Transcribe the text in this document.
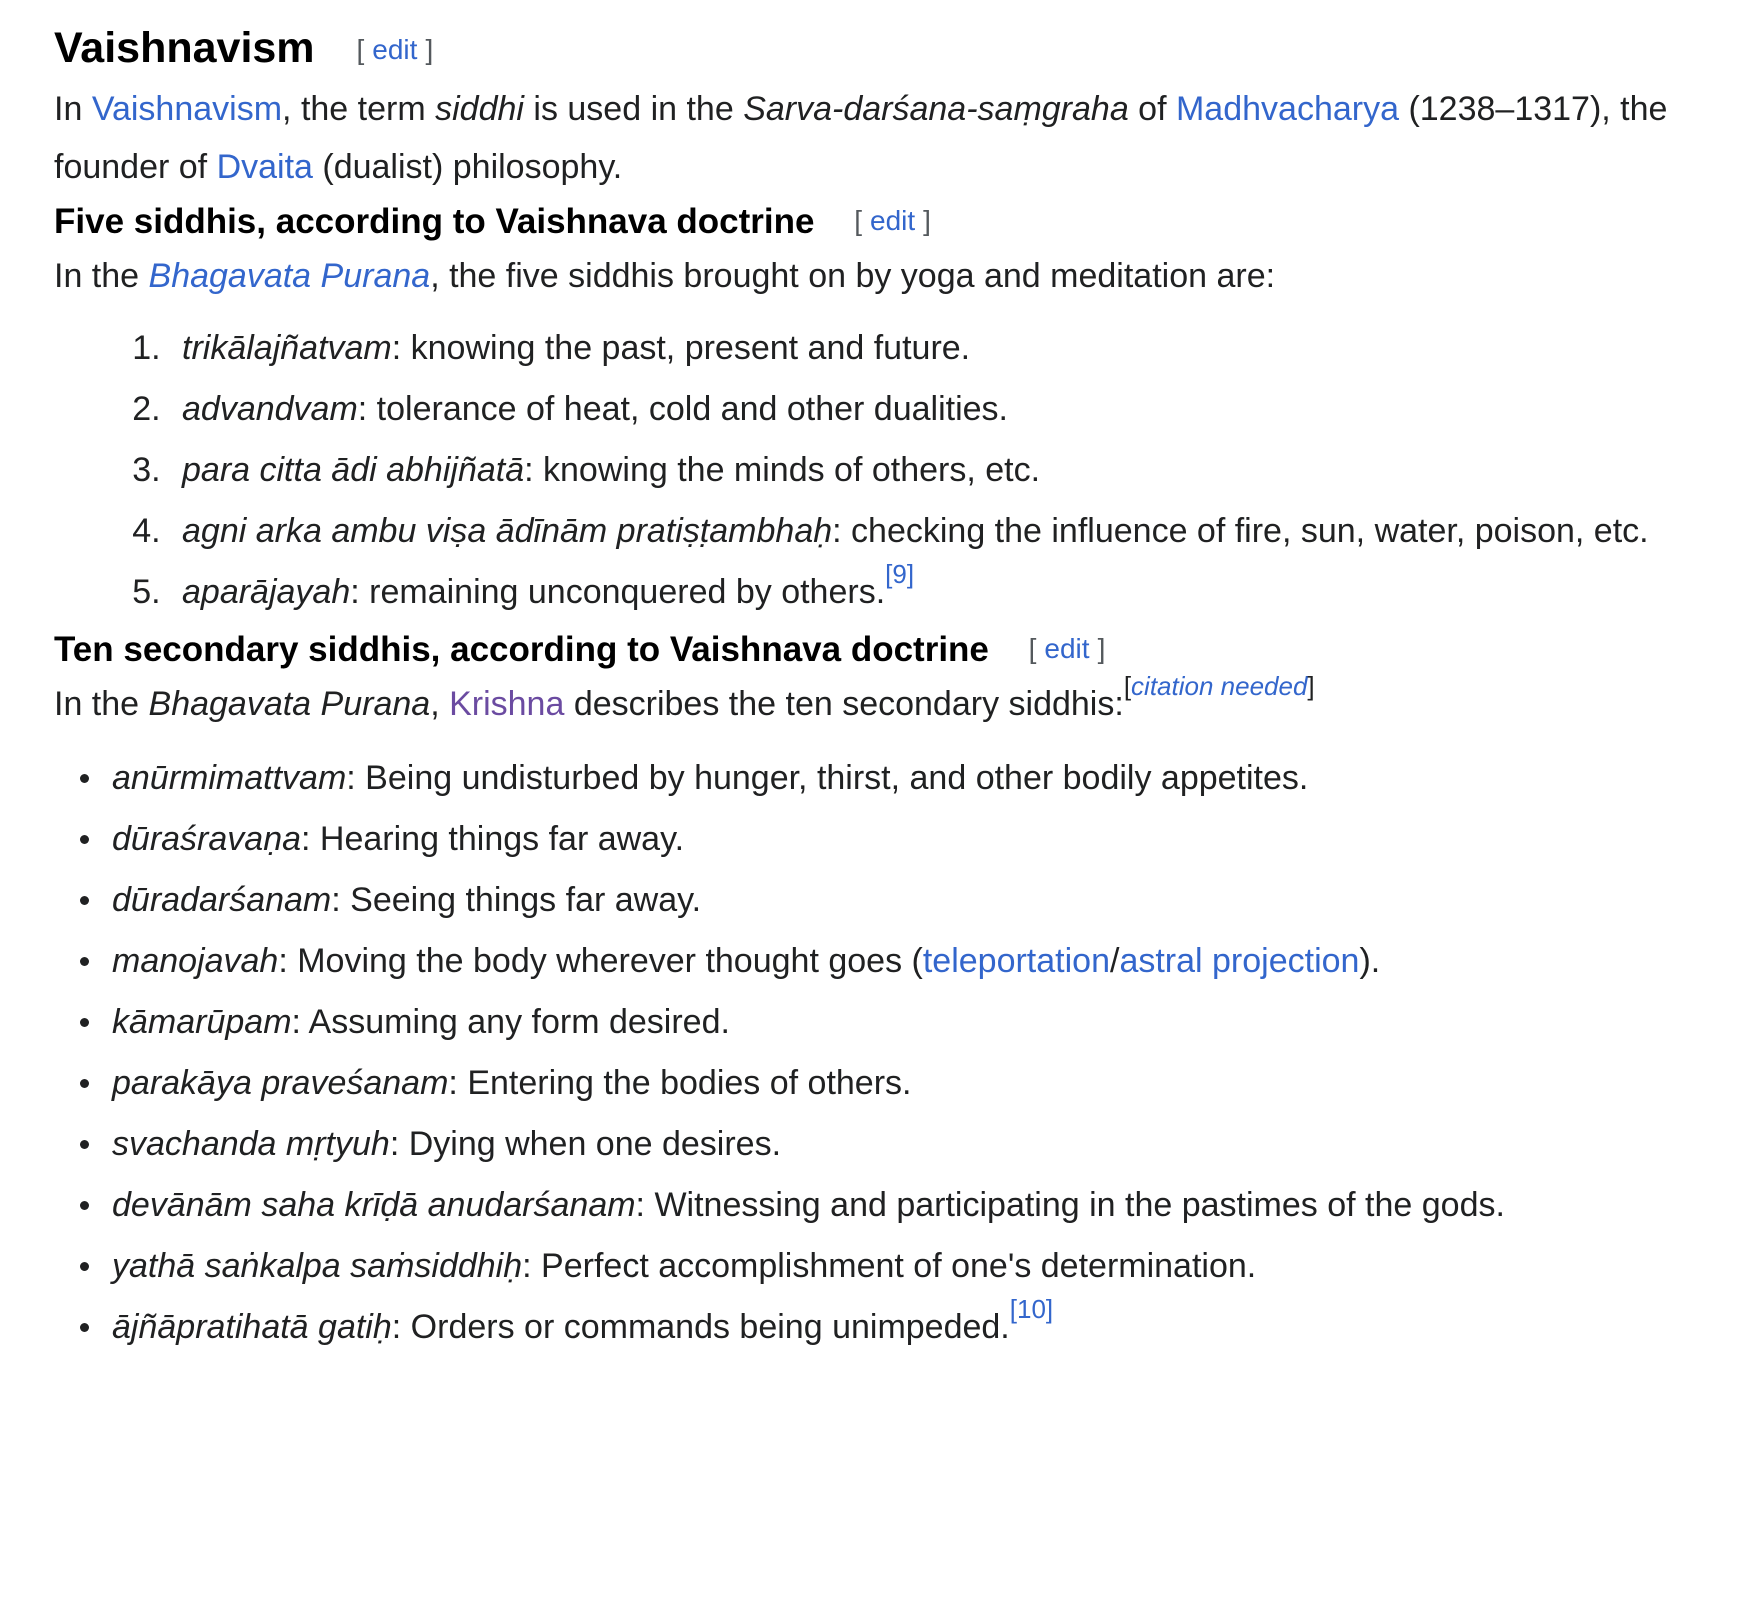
Vaishnavism [ edit ]

In Vaishnavism, the term siddhi is used in the Sarva-darśana-saṃgraha of Madhvacharya (1238–1317), the founder of Dvaita (dualist) philosophy.

Five siddhis, according to Vaishnava doctrine [ edit ]

In the Bhagavata Purana, the five siddhis brought on by yoga and meditation are:

1. trikālajñatvam: knowing the past, present and future.
2. advandvam: tolerance of heat, cold and other dualities.
3. para citta ādi abhijñatā: knowing the minds of others, etc.
4. agni arka ambu viṣa ādīnām pratiṣṭambhaḥ: checking the influence of fire, sun, water, poison, etc.
5. aparājayah: remaining unconquered by others.[9]
Ten secondary siddhis, according to Vaishnava doctrine [ edit ]

In the Bhagavata Purana, Krishna describes the ten secondary siddhis:[citation needed]

anūrmimattvam: Being undisturbed by hunger, thirst, and other bodily appetites.
dūraśravaṇa: Hearing things far away.
dūradarśanam: Seeing things far away.
manojavah: Moving the body wherever thought goes (teleportation/astral projection).
kāmarūpam: Assuming any form desired.
parakāya praveśanam: Entering the bodies of others.
svachanda mṛtyuh: Dying when one desires.
devānām saha krīḍā anudarśanam: Witnessing and participating in the pastimes of the gods.
yathā saṅkalpa saṁsiddhiḥ: Perfect accomplishment of one's determination.
ājñāpratihatā gatiḥ: Orders or commands being unimpeded.[10]
